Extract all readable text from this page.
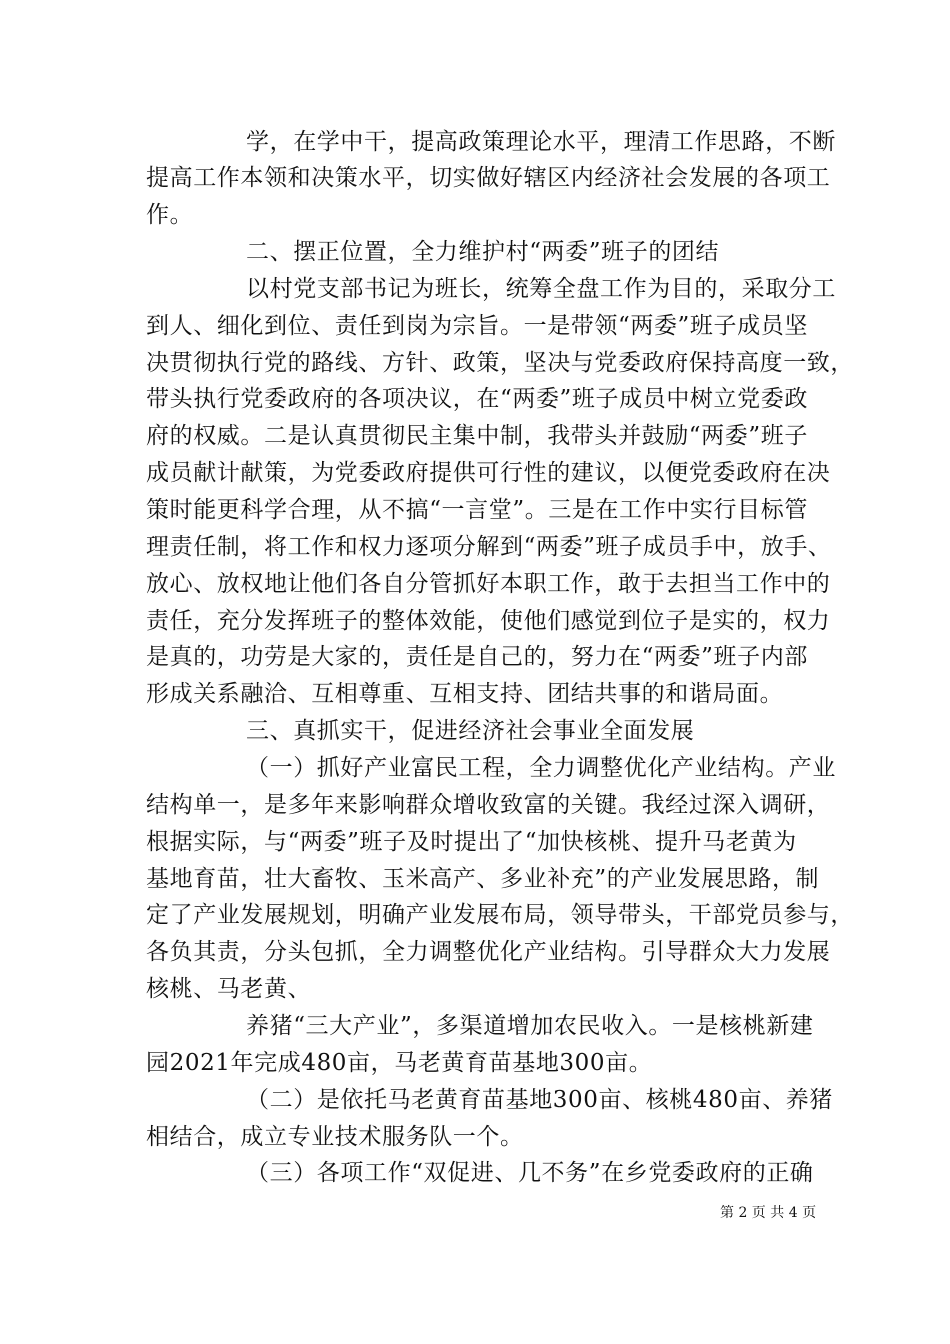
学，在学中干，提高政策理论水平，理清工作思路，不断
提高工作本领和决策水平，切实做好辖区内经济社会发展的各项工
作。
二、摆正位置，全力维护村“两委”班子的团结
以村党支部书记为班长，统筹全盘工作为目的，采取分工
到人、细化到位、责任到岗为宗旨。一是带领“两委”班子成员坚
决贯彻执行党的路线、方针、政策，坚决与党委政府保持高度一致，
带头执行党委政府的各项决议，在“两委”班子成员中树立党委政
府的权威。二是认真贯彻民主集中制，我带头并鼓励“两委”班子
成员献计献策，为党委政府提供可行性的建议，以便党委政府在决
策时能更科学合理，从不搞“一言堂”。三是在工作中实行目标管
理责任制，将工作和权力逐项分解到“两委”班子成员手中，放手、
放心、放权地让他们各自分管抓好本职工作，敢于去担当工作中的
责任，充分发挥班子的整体效能，使他们感觉到位子是实的，权力
是真的，功劳是大家的，责任是自己的，努力在“两委”班子内部
形成关系融洽、互相尊重、互相支持、团结共事的和谐局面。
三、真抓实干，促进经济社会事业全面发展
（一）抓好产业富民工程，全力调整优化产业结构。产业
结构单一，是多年来影响群众增收致富的关键。我经过深入调研，
根据实际，与“两委”班子及时提出了“加快核桃、提升马老黄为
基地育苗，壮大畜牧、玉米高产、多业补充”的产业发展思路，制
定了产业发展规划，明确产业发展布局，领导带头，干部党员参与，
各负其责，分头包抓，全力调整优化产业结构。引导群众大力发展
核桃、马老黄、
养猪“三大产业”，多渠道增加农民收入。一是核桃新建
园2021年完成480亩，马老黄育苗基地300亩。
（二）是依托马老黄育苗基地300亩、核桃480亩、养猪
相结合，成立专业技术服务队一个。
（三）各项工作“双促进、几不务”在乡党委政府的正确
第 2 页 共 4 页
